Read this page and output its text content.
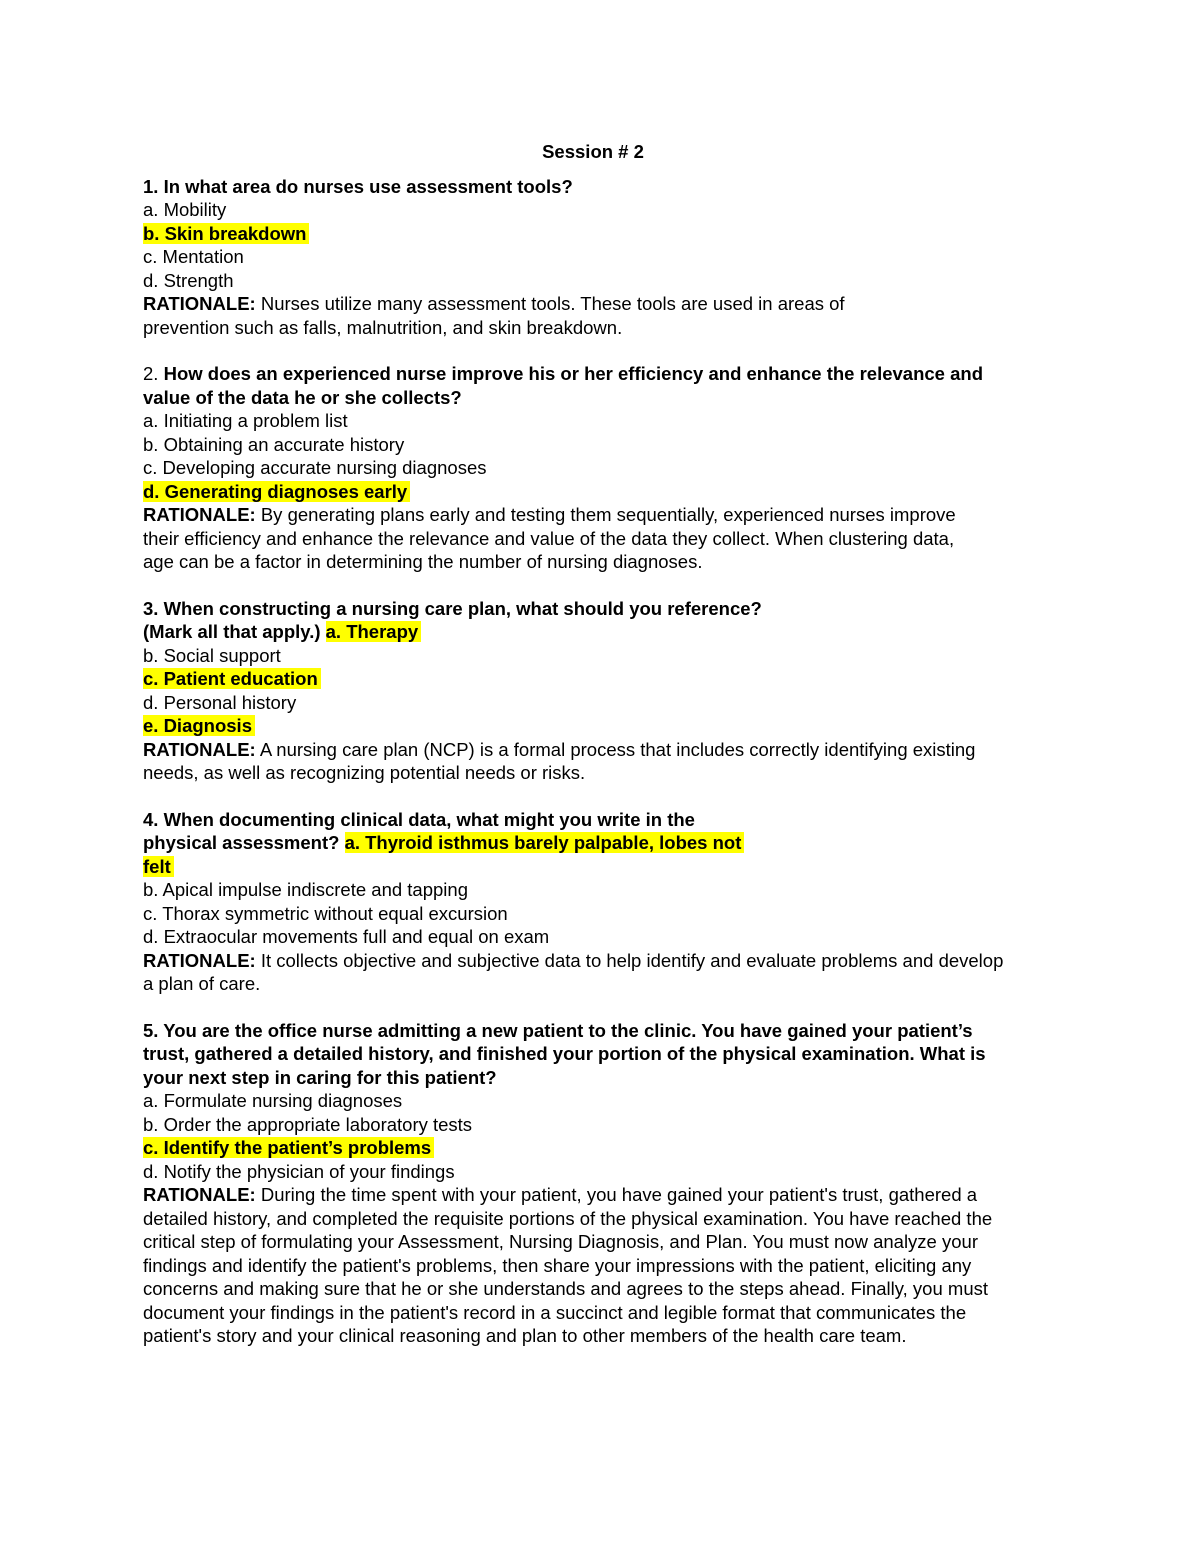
Session # 2
1. In what area do nurses use assessment tools?
a. Mobility
b. Skin breakdown
c. Mentation
d. Strength
RATIONALE: Nurses utilize many assessment tools. These tools are used in areas of
prevention such as falls, malnutrition, and skin breakdown.
2. How does an experienced nurse improve his or her efficiency and enhance the relevance and
value of the data he or she collects?
a. Initiating a problem list
b. Obtaining an accurate history
c. Developing accurate nursing diagnoses
d. Generating diagnoses early
RATIONALE: By generating plans early and testing them sequentially, experienced nurses improve
their efficiency and enhance the relevance and value of the data they collect. When clustering data,
age can be a factor in determining the number of nursing diagnoses.
3. When constructing a nursing care plan, what should you reference?
(Mark all that apply.) a. Therapy
b. Social support
c. Patient education
d. Personal history
e. Diagnosis
RATIONALE: A nursing care plan (NCP) is a formal process that includes correctly identifying existing
needs, as well as recognizing potential needs or risks.
4. When documenting clinical data, what might you write in the
physical assessment? a. Thyroid isthmus barely palpable, lobes not
felt
b. Apical impulse indiscrete and tapping
c. Thorax symmetric without equal excursion
d. Extraocular movements full and equal on exam
RATIONALE: It collects objective and subjective data to help identify and evaluate problems and develop
a plan of care.
5. You are the office nurse admitting a new patient to the clinic. You have gained your patient’s
trust, gathered a detailed history, and finished your portion of the physical examination. What is
your next step in caring for this patient?
a. Formulate nursing diagnoses
b. Order the appropriate laboratory tests
c. Identify the patient’s problems
d. Notify the physician of your findings
RATIONALE: During the time spent with your patient, you have gained your patient's trust, gathered a
detailed history, and completed the requisite portions of the physical examination. You have reached the
critical step of formulating your Assessment, Nursing Diagnosis, and Plan. You must now analyze your
findings and identify the patient's problems, then share your impressions with the patient, eliciting any
concerns and making sure that he or she understands and agrees to the steps ahead. Finally, you must
document your findings in the patient's record in a succinct and legible format that communicates the
patient's story and your clinical reasoning and plan to other members of the health care team.
